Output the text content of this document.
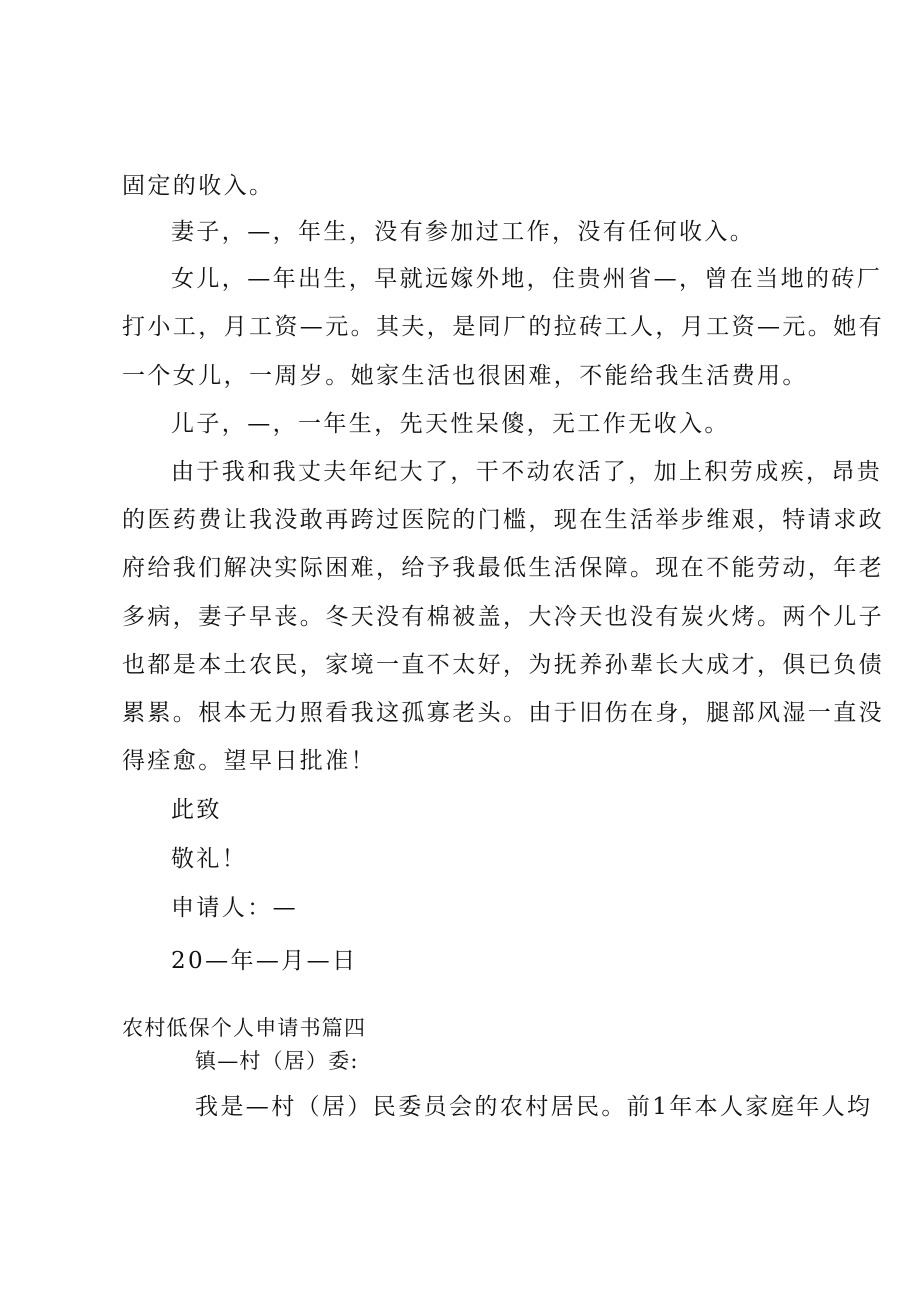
固定的收入。
妻子，—，年生，没有参加过工作，没有任何收入。
女儿，—年出生，早就远嫁外地，住贵州省—，曾在当地的砖厂
打小工，月工资—元。其夫，是同厂的拉砖工人，月工资—元。她有
一个女儿，一周岁。她家生活也很困难，不能给我生活费用。
儿子，—，一年生，先天性呆傻，无工作无收入。
由于我和我丈夫年纪大了，干不动农活了，加上积劳成疾，昂贵
的医药费让我没敢再跨过医院的门槛，现在生活举步维艰，特请求政
府给我们解决实际困难，给予我最低生活保障。现在不能劳动，年老
多病，妻子早丧。冬天没有棉被盖，大冷天也没有炭火烤。两个儿子
也都是本土农民，家境一直不太好，为抚养孙辈长大成才，俱已负债
累累。根本无力照看我这孤寡老头。由于旧伤在身，腿部风湿一直没
得痊愈。望早日批准！
此致
敬礼！
申请人：—
20—年—月—日
农村低保个人申请书篇四
镇—村（居）委:
我是—村（居）民委员会的农村居民。前1年本人家庭年人均
